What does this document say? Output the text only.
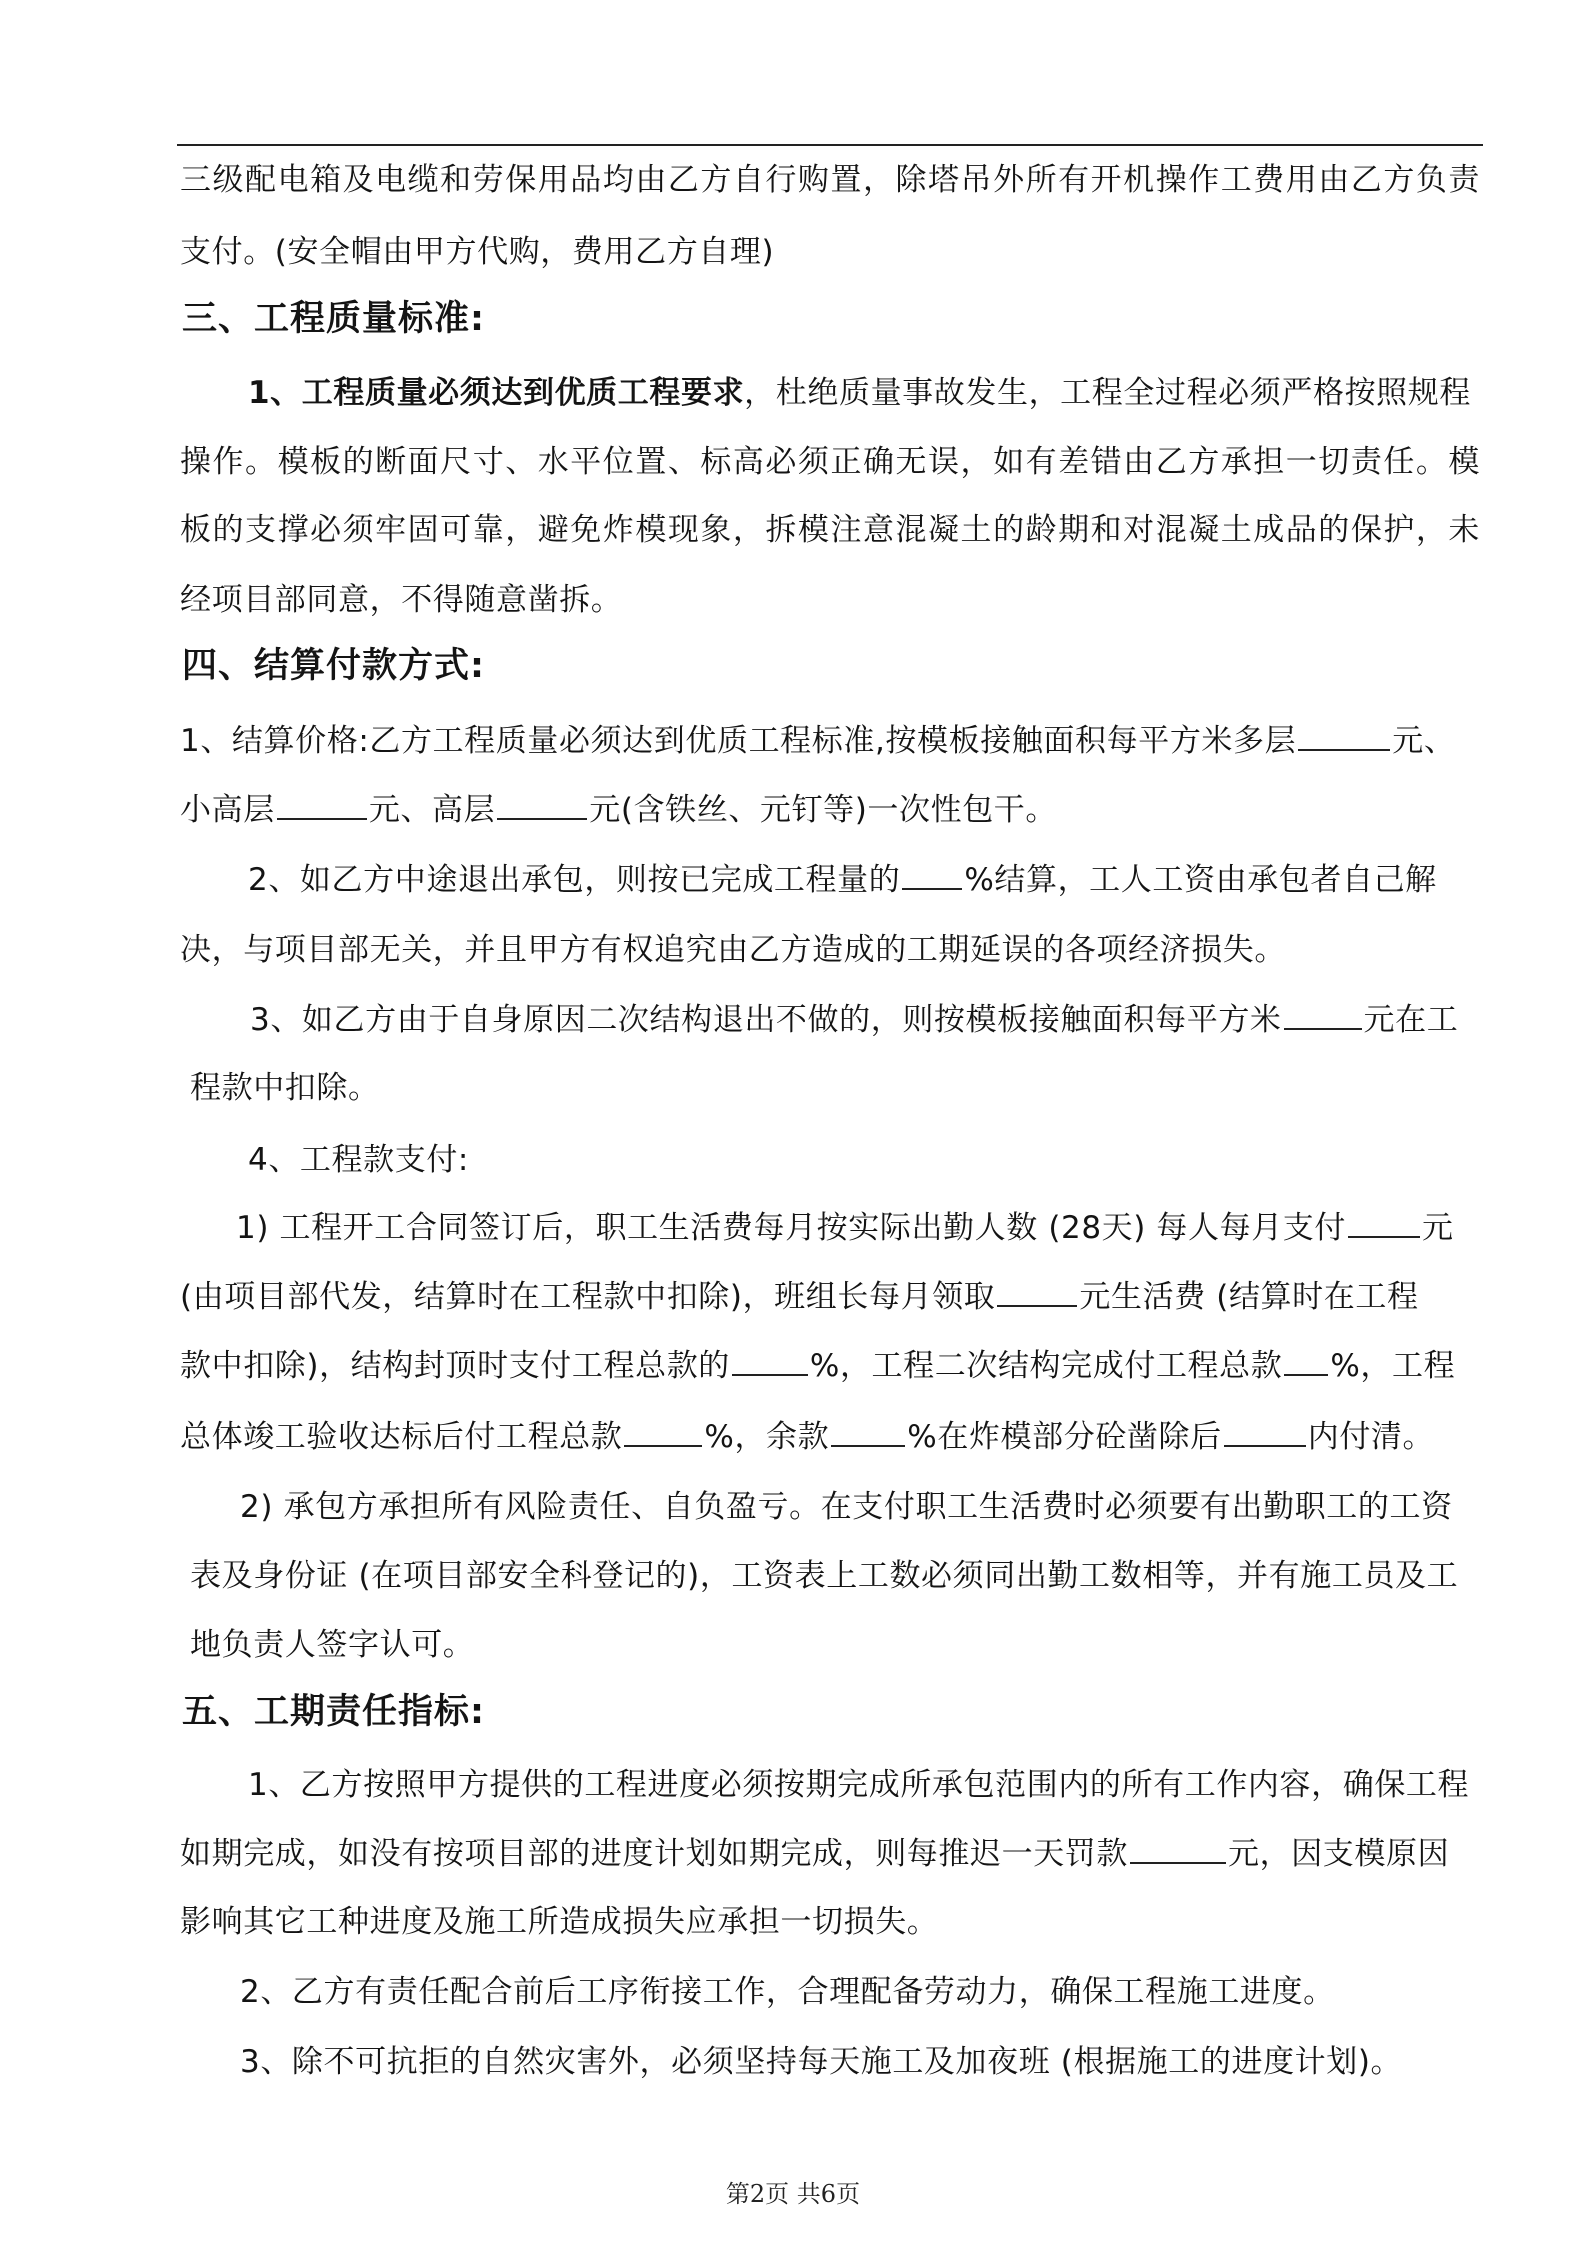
三级配电箱及电缆和劳保用品均由乙方自行购置，除塔吊外所有开机操作工费用由乙方负责
支付。(安全帽由甲方代购，费用乙方自理)
三、工程质量标准:
1、工程质量必须达到优质工程要求，杜绝质量事故发生，工程全过程必须严格按照规程
操作。模板的断面尺寸、水平位置、标高必须正确无误，如有差错由乙方承担一切责任。模
板的支撑必须牢固可靠，避免炸模现象，拆模注意混凝土的龄期和对混凝土成品的保护，未
经项目部同意，不得随意凿拆。
四、结算付款方式:
1、结算价格:乙方工程质量必须达到优质工程标准,按模板接触面积每平方米多层	元、
小高层	元、高层	元(含铁丝、元钉等)一次性包干。
2、如乙方中途退出承包，则按已完成工程量的 %结算，工人工资由承包者自己解
决，与项目部无关，并且甲方有权追究由乙方造成的工期延误的各项经济损失。
3、如乙方由于自身原因二次结构退出不做的，则按模板接触面积每平方米	元在工
程款中扣除。
4、工程款支付:
1) 工程开工合同签订后，职工生活费每月按实际出勤人数 (28天) 每人每月支付 元
(由项目部代发，结算时在工程款中扣除)，班组长每月领取	元生活费 (结算时在工程
款中扣除)，结构封顶时支付工程总款的	%，工程二次结构完成付工程总款 %，工程
总体竣工验收达标后付工程总款	%，余款	%在炸模部分砼凿除后	内付清。
2) 承包方承担所有风险责任、自负盈亏。在支付职工生活费时必须要有出勤职工的工资
表及身份证 (在项目部安全科登记的)，工资表上工数必须同出勤工数相等，并有施工员及工
地负责人签字认可。
五、工期责任指标:
1、乙方按照甲方提供的工程进度必须按期完成所承包范围内的所有工作内容，确保工程
如期完成，如没有按项目部的进度计划如期完成，则每推迟一天罚款	元，因支模原因
影响其它工种进度及施工所造成损失应承担一切损失。
2、乙方有责任配合前后工序衔接工作，合理配备劳动力，确保工程施工进度。
3、除不可抗拒的自然灾害外，必须坚持每天施工及加夜班 (根据施工的进度计划)。
第2页 共6页
